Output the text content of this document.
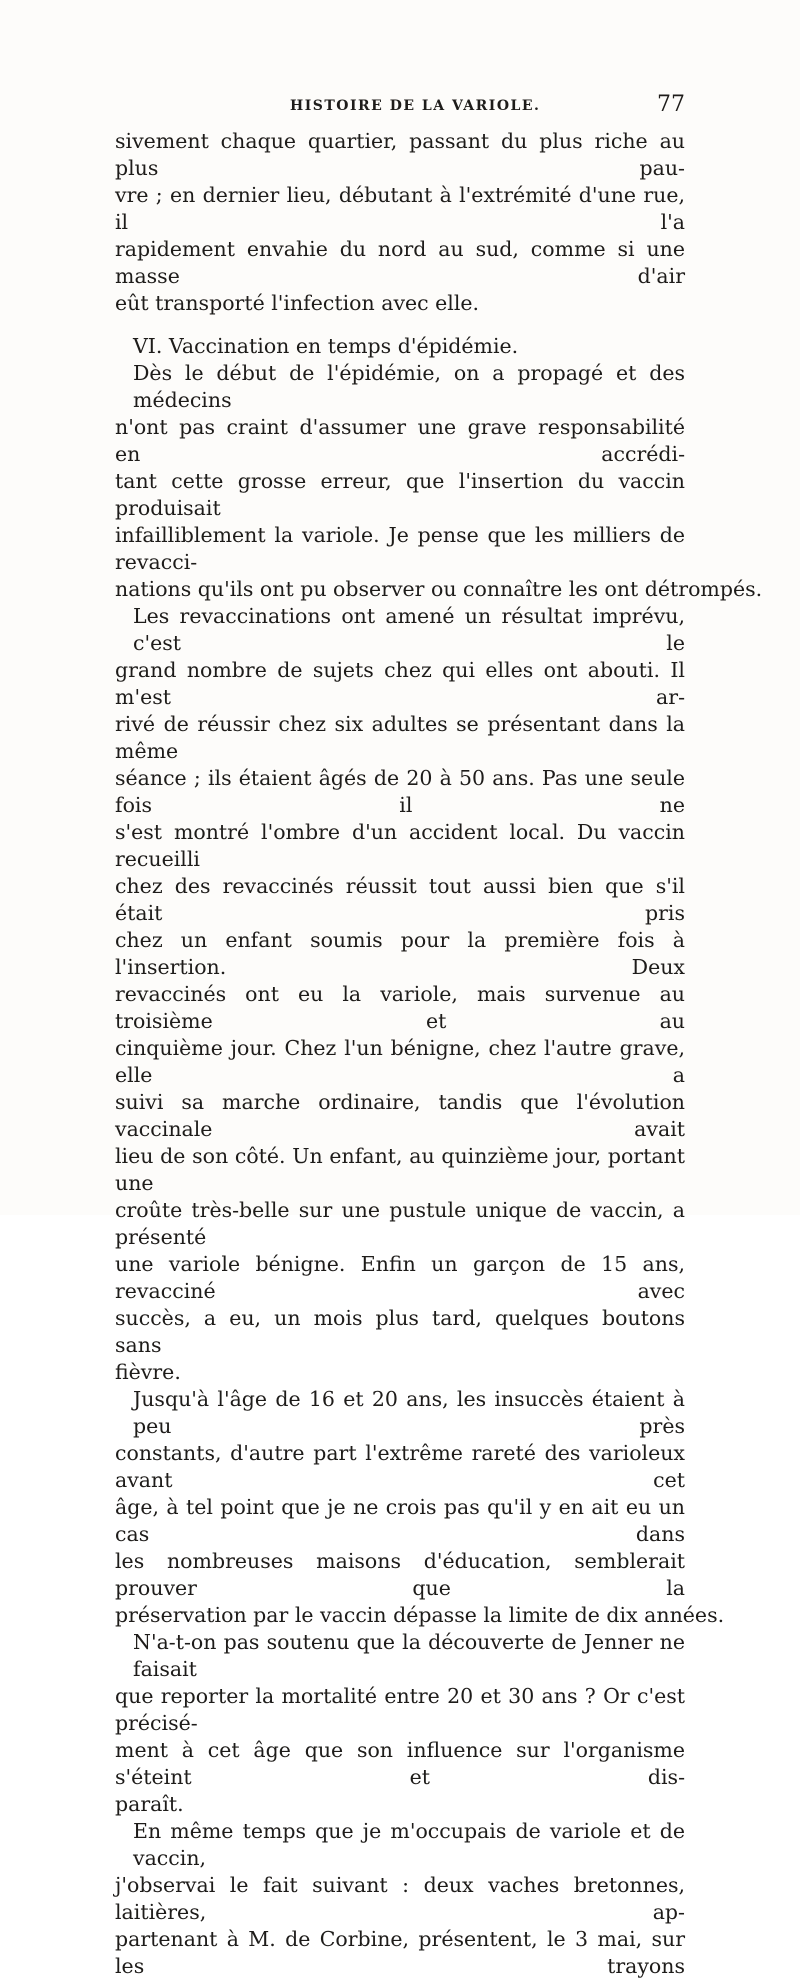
HISTOIRE DE LA VARIOLE.	77

sivement chaque quartier, passant du plus riche au plus pau-
vre ; en dernier lieu, débutant à l'extrémité d'une rue, il l'a
rapidement envahie du nord au sud, comme si une masse d'air
eût transporté l'infection avec elle.

VI. Vaccination en temps d'épidémie.

Dès le début de l'épidémie, on a propagé et des médecins
n'ont pas craint d'assumer une grave responsabilité en accrédi-
tant cette grosse erreur, que l'insertion du vaccin produisait
infailliblement la variole. Je pense que les milliers de revacci-
nations qu'ils ont pu observer ou connaître les ont détrompés.

Les revaccinations ont amené un résultat imprévu, c'est le
grand nombre de sujets chez qui elles ont abouti. Il m'est ar-
rivé de réussir chez six adultes se présentant dans la même
séance ; ils étaient âgés de 20 à 50 ans. Pas une seule fois il ne
s'est montré l'ombre d'un accident local. Du vaccin recueilli
chez des revaccinés réussit tout aussi bien que s'il était pris
chez un enfant soumis pour la première fois à l'insertion. Deux
revaccinés ont eu la variole, mais survenue au troisième et au
cinquième jour. Chez l'un bénigne, chez l'autre grave, elle a
suivi sa marche ordinaire, tandis que l'évolution vaccinale avait
lieu de son côté. Un enfant, au quinzième jour, portant une
croûte très-belle sur une pustule unique de vaccin, a présenté
une variole bénigne. Enfin un garçon de 15 ans, revacciné avec
succès, a eu, un mois plus tard, quelques boutons sans
fièvre.

Jusqu'à l'âge de 16 et 20 ans, les insuccès étaient à peu près
constants, d'autre part l'extrême rareté des varioleux avant cet
âge, à tel point que je ne crois pas qu'il y en ait eu un cas dans
les nombreuses maisons d'éducation, semblerait prouver que la
préservation par le vaccin dépasse la limite de dix années.

N'a-t-on pas soutenu que la découverte de Jenner ne faisait
que reporter la mortalité entre 20 et 30 ans ? Or c'est précisé-
ment à cet âge que son influence sur l'organisme s'éteint et dis-
paraît.

En même temps que je m'occupais de variole et de vaccin,
j'observai le fait suivant : deux vaches bretonnes, laitières, ap-
partenant à M. de Corbine, présentent, le 3 mai, sur les trayons
